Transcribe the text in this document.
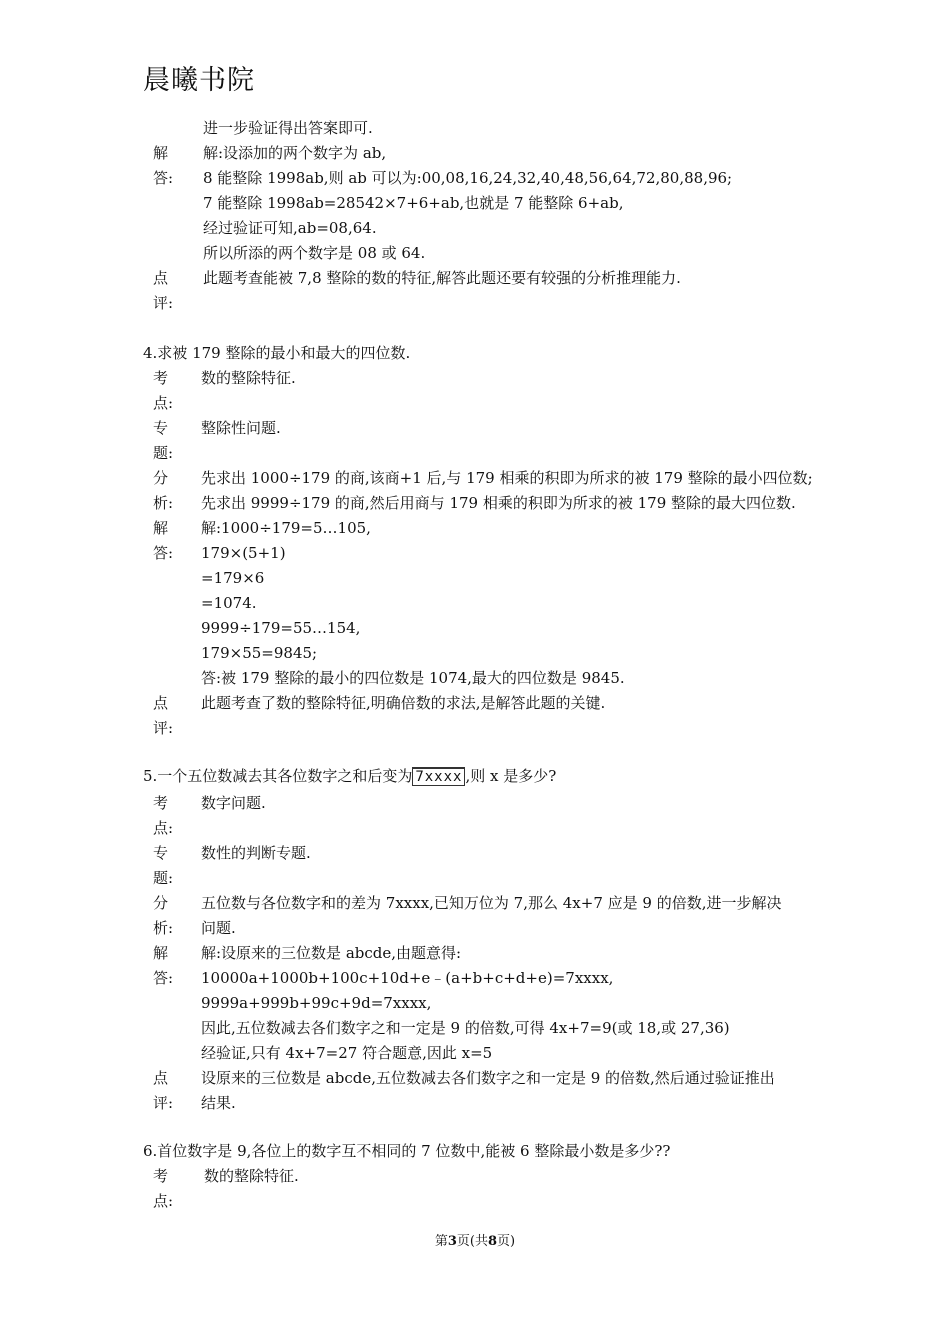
晨曦书院
进一步验证得出答案即可.
解
答:
解:设添加的两个数字为 ab,
8 能整除 1998ab,则 ab 可以为:00,08,16,24,32,40,48,56,64,72,80,88,96;
7 能整除 1998ab=28542×7+6+ab,也就是 7 能整除 6+ab,
经过验证可知,ab=08,64.
所以所添的两个数字是 08 或 64.
点
评:
此题考查能被 7,8 整除的数的特征,解答此题还要有较强的分析推理能力.
4.求被 179 整除的最小和最大的四位数.
考
点:
数的整除特征.
专
题:
整除性问题.
分
析:
先求出 1000÷179 的商,该商+1 后,与 179 相乘的积即为所求的被 179 整除的最小四位数;
先求出 9999÷179 的商,然后用商与 179 相乘的积即为所求的被 179 整除的最大四位数.
解
答:
解:1000÷179=5…105,
179×(5+1)
=179×6
=1074.
9999÷179=55…154,
179×55=9845;
答:被 179 整除的最小的四位数是 1074,最大的四位数是 9845.
点
评:
此题考查了数的整除特征,明确倍数的求法,是解答此题的关键.
5.一个五位数减去其各位数字之和后变为 7xxxx ,则 x 是多少?
考
点:
数字问题.
专
题:
数性的判断专题.
分
析:
五位数与各位数字和的差为 7xxxx,已知万位为 7,那么 4x+7 应是 9 的倍数,进一步解决
问题.
解
答:
解:设原来的三位数是 abcde,由题意得:
10000a+1000b+100c+10d+e﹣(a+b+c+d+e)=7xxxx,
9999a+999b+99c+9d=7xxxx,
因此,五位数减去各们数字之和一定是 9 的倍数,可得 4x+7=9(或 18,或 27,36)
经验证,只有 4x+7=27 符合题意,因此 x=5
点
评:
设原来的三位数是 abcde,五位数减去各们数字之和一定是 9 的倍数,然后通过验证推出
结果.
6.首位数字是 9,各位上的数字互不相同的 7 位数中,能被 6 整除最小数是多少??
考
点:
数的整除特征.
第3页(共8页)
